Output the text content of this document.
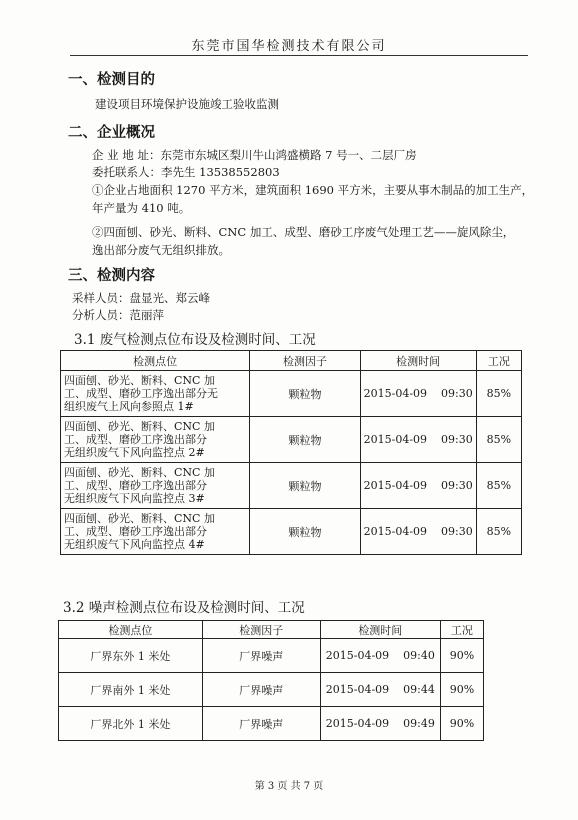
东莞市国华检测技术有限公司
一、检测目的
建设项目环境保护设施竣工验收监测
二、企业概况
企 业 地 址：东莞市东城区梨川牛山鸿盛横路 7 号一、二层厂房
委托联系人：李先生 13538552803
①企业占地面积 1270 平方米，建筑面积 1690 平方米，主要从事木制品的加工生产，
年产量为 410 吨。
②四面刨、砂光、断料、CNC 加工、成型、磨砂工序废气处理工艺——旋风除尘，
逸出部分废气无组织排放。
三、检测内容
采样人员：盘显光、郑云峰
分析人员：范丽萍
3.1 废气检测点位布设及检测时间、工况
检测点位	检测因子	检测时间	工况

四面刨、砂光、断料、CNC 加
工、成型、磨砂工序逸出部分无
组织废气上风向参照点 1#	颗粒物	2015-04-09    09:30	85%

四面刨、砂光、断料、CNC 加
工、成型、磨砂工序逸出部分
无组织废气下风向监控点 2#	颗粒物	2015-04-09    09:30	85%

四面刨、砂光、断料、CNC 加
工、成型、磨砂工序逸出部分
无组织废气下风向监控点 3#	颗粒物	2015-04-09    09:30	85%

四面刨、砂光、断料、CNC 加
工、成型、磨砂工序逸出部分
无组织废气下风向监控点 4#	颗粒物	2015-04-09    09:30	85%
3.2 噪声检测点位布设及检测时间、工况
检测点位	检测因子	检测时间	工况
厂界东外 1 米处	厂界噪声	2015-04-09    09:40	90%
厂界南外 1 米处	厂界噪声	2015-04-09    09:44	90%
厂界北外 1 米处	厂界噪声	2015-04-09    09:49	90%
第 3 页 共 7 页
